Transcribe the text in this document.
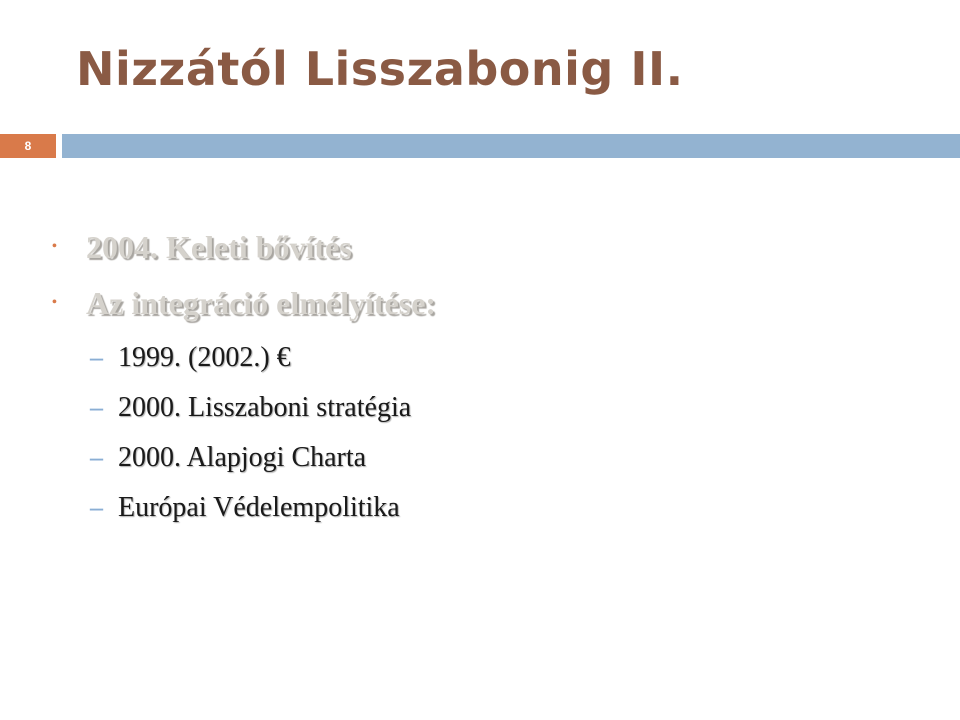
Nizzától Lisszabonig II.
8
• 2004. Keleti bővítés
• Az integráció elmélyítése:
– 1999. (2002.) €
– 2000. Lisszaboni stratégia
– 2000. Alapjogi Charta
– Európai Védelempolitika
